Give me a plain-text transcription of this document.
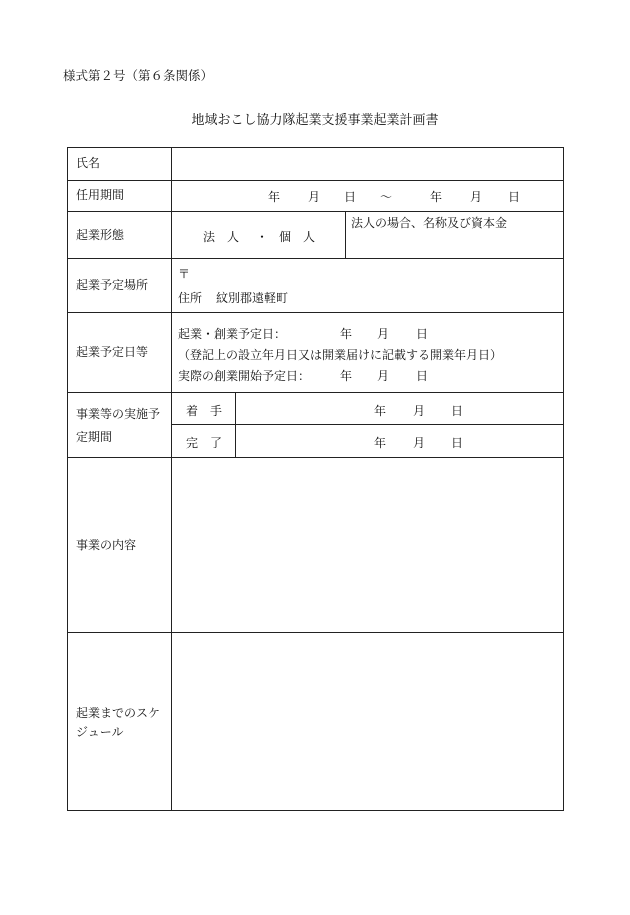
様式第２号（第６条関係）
地域おこし協力隊起業支援事業起業計画書
氏名
任用期間	年 月 日 ～	年 月 日
起業形態	法　人 ・ 個　人
法人の場合、名称及び資本金
起業予定場所
〒
住所 紋別郡遠軽町
起業予定日等
起業・創業予定日：	年 月 日
（登記上の設立年月日又は開業届けに記載する開業年月日）
実際の創業開始予定日： 年 月 日
事業等の実施予
定期間
着　手	年 月 日
完　了	年 月 日
事業の内容
起業までのスケ
ジュール
